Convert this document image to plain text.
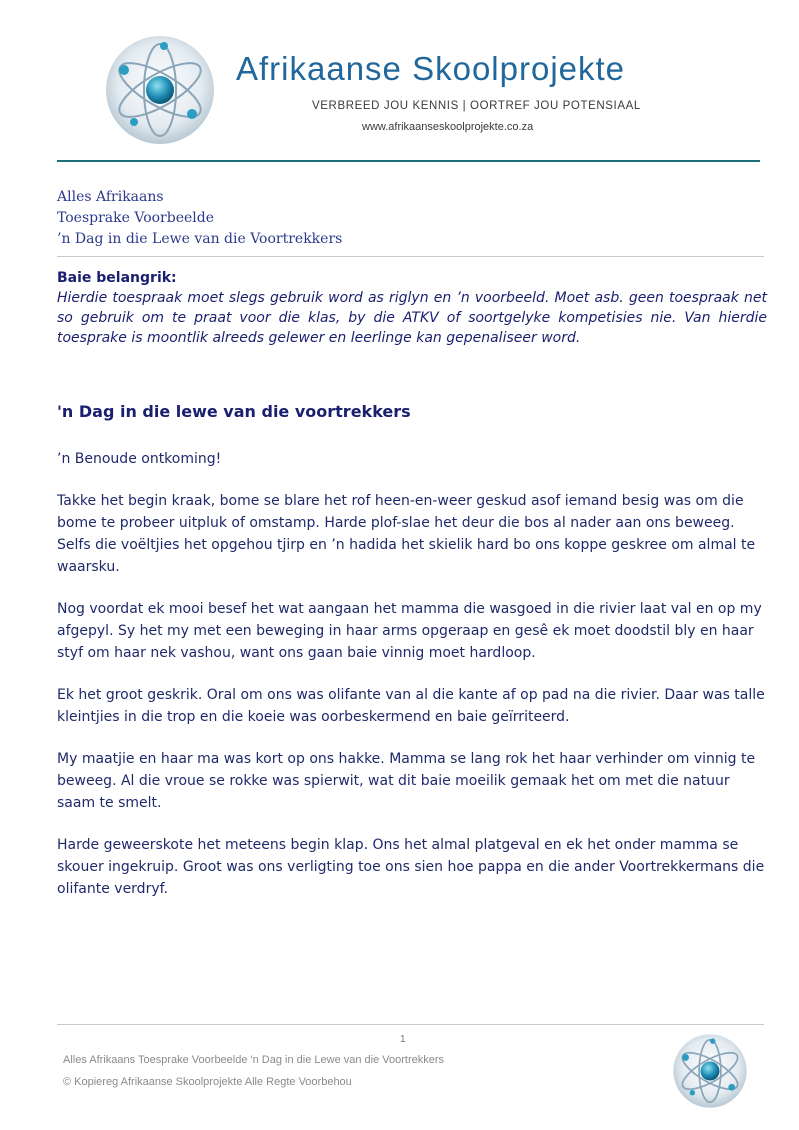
Afrikaanse Skoolprojekte
VERBREED JOU KENNIS | OORTREF JOU POTENSIAAL
www.afrikaanseskoolprojekte.co.za
Alles Afrikaans
Toesprake Voorbeelde
’n Dag in die Lewe van die Voortrekkers

Baie belangrik:

Hierdie toespraak moet slegs gebruik word as riglyn en ’n voorbeeld. Moet asb. geen toespraak net so gebruik om te praat voor die klas, by die ATKV of soortgelyke kompetisies nie. Van hierdie toesprake is moontlik alreeds gelewer en leerlinge kan gepenaliseer word.

'n Dag in die lewe van die voortrekkers

’n Benoude ontkoming!

Takke het begin kraak, bome se blare het rof heen-en-weer geskud asof iemand besig was om die bome te probeer uitpluk of omstamp. Harde plof-slae het deur die bos al nader aan ons beweeg. Selfs die voëltjies het opgehou tjirp en ’n hadida het skielik hard bo ons koppe geskree om almal te waarsku.

Nog voordat ek mooi besef het wat aangaan het mamma die wasgoed in die rivier laat val en op my afgepyl. Sy het my met een beweging in haar arms opgeraap en gesê ek moet doodstil bly en haar styf om haar nek vashou, want ons gaan baie vinnig moet hardloop.

Ek het groot geskrik. Oral om ons was olifante van al die kante af op pad na die rivier. Daar was talle kleintjies in die trop en die koeie was oorbeskermend en baie geïrriteerd.

My maatjie en haar ma was kort op ons hakke. Mamma se lang rok het haar verhinder om vinnig te beweeg. Al die vroue se rokke was spierwit, wat dit baie moeilik gemaak het om met die natuur saam te smelt.

Harde geweerskote het meteens begin klap. Ons het almal platgeval en ek het onder mamma se skouer ingekruip. Groot was ons verligting toe ons sien hoe pappa en die ander Voortrekkermans die olifante verdryf.

1
Alles Afrikaans Toesprake Voorbeelde 'n Dag in die Lewe van die Voortrekkers
© Kopiereg Afrikaanse Skoolprojekte Alle Regte Voorbehou
